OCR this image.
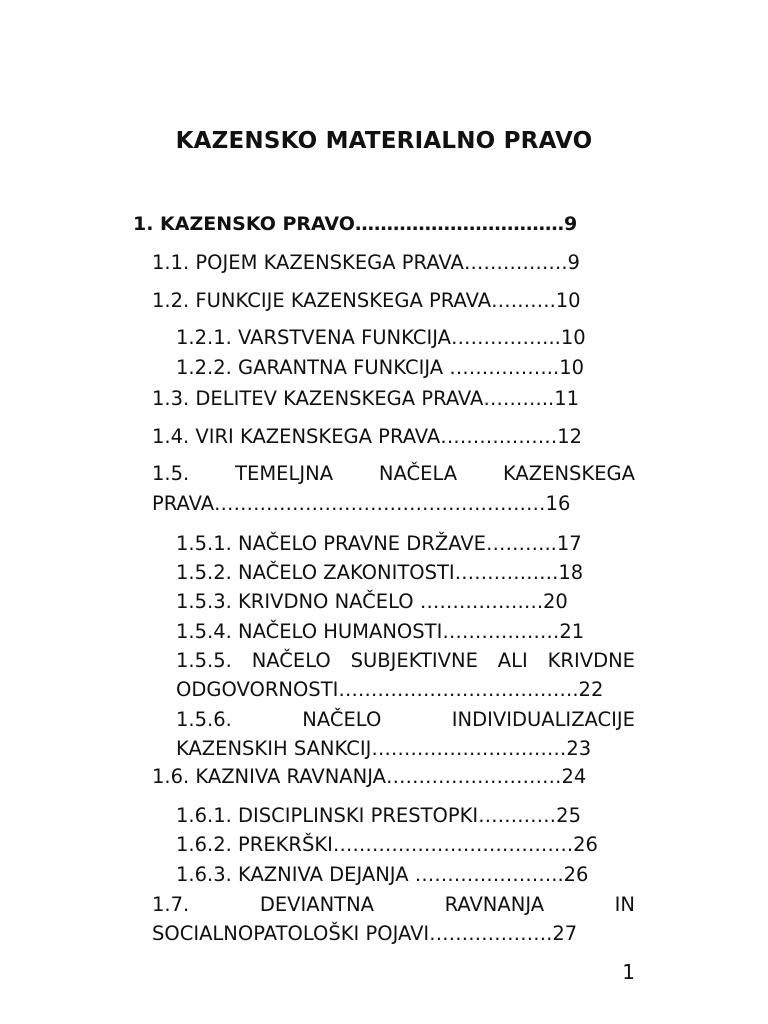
KAZENSKO MATERIALNO PRAVO
1. KAZENSKO PRAVO……………………………9
1.1. POJEM KAZENSKEGA PRAVA…………….9
1.2. FUNKCIJE KAZENSKEGA PRAVA……….10
1.2.1. VARSTVENA FUNKCIJA……………..10
1.2.2. GARANTNA FUNKCIJA ……………..10
1.3. DELITEV KAZENSKEGA PRAVA………..11
1.4. VIRI KAZENSKEGA PRAVA………………12
1.5. TEMELJNA NAČELA KAZENSKEGA
PRAVA……………………………………………16
1.5.1. NAČELO PRAVNE DRŽAVE………..17
1.5.2. NAČELO ZAKONITOSTI…………….18
1.5.3. KRIVDNO NAČELO ……………….20
1.5.4. NAČELO HUMANOSTI………………21
1.5.5. NAČELO SUBJEKTIVNE ALI KRIVDNE
ODGOVORNOSTI……………………………….22
1.5.6.	NAČELO	INDIVIDUALIZACIJE
KAZENSKIH SANKCIJ…………………………23
1.6. KAZNIVA RAVNANJA………………………24
1.6.1. DISCIPLINSKI PRESTOPKI…………25
1.6.2. PREKRŠKI……………………………….26
1.6.3. KAZNIVA DEJANJA …………………..26
1.7.	DEVIANTNA	RAVNANJA	IN
SOCIALNOPATOLOŠKI POJAVI……………….27
1
